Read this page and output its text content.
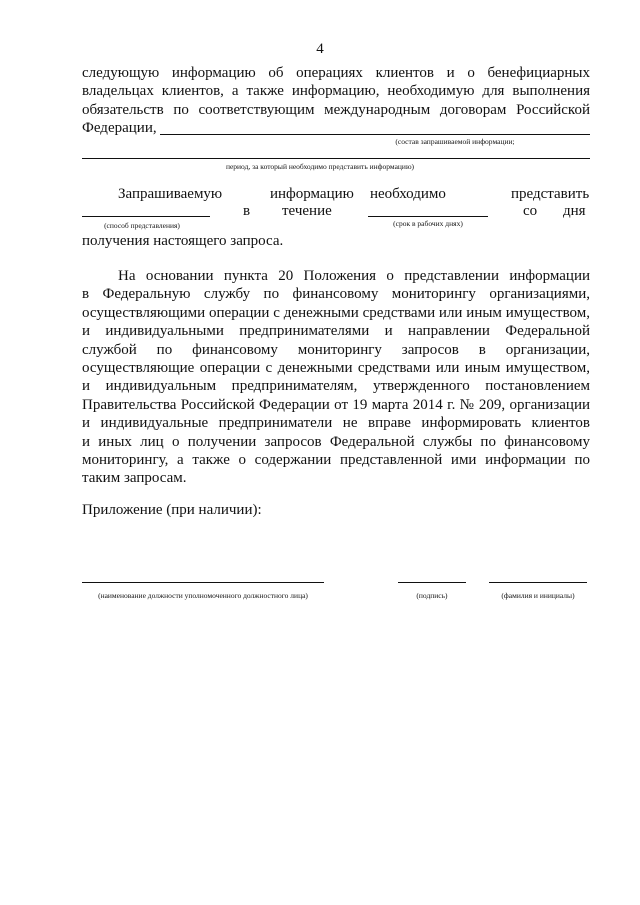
4
следующую информацию об операциях клиентов и о бенефициарных
владельцах клиентов, а также информацию, необходимую для выполнения
обязательств по соответствующим международным договорам Российской
Федерации,
(состав запрашиваемой информации;
период, за который необходимо представить информацию)
Запрашиваемую	информацию необходимо	представить
в течение	со дня
(способ представления)	(срок в рабочих днях)
получения настоящего запроса.
На основании пункта 20 Положения о представлении информации
в Федеральную службу по финансовому мониторингу организациями,
осуществляющими операции с денежными средствами или иным имуществом,
и индивидуальными предпринимателями и направлении Федеральной
службой по финансовому мониторингу запросов в организации,
осуществляющие операции с денежными средствами или иным имуществом,
и индивидуальным предпринимателям, утвержденного постановлением
Правительства Российской Федерации от 19 марта 2014 г. № 209, организации
и индивидуальные предприниматели не вправе информировать клиентов
и иных лиц о получении запросов Федеральной службы по финансовому
мониторингу, а также о содержании представленной ими информации по
таким запросам.
Приложение (при наличии):
(наименование должности уполномоченного должностного лица)	(подпись)	(фамилия и инициалы)
